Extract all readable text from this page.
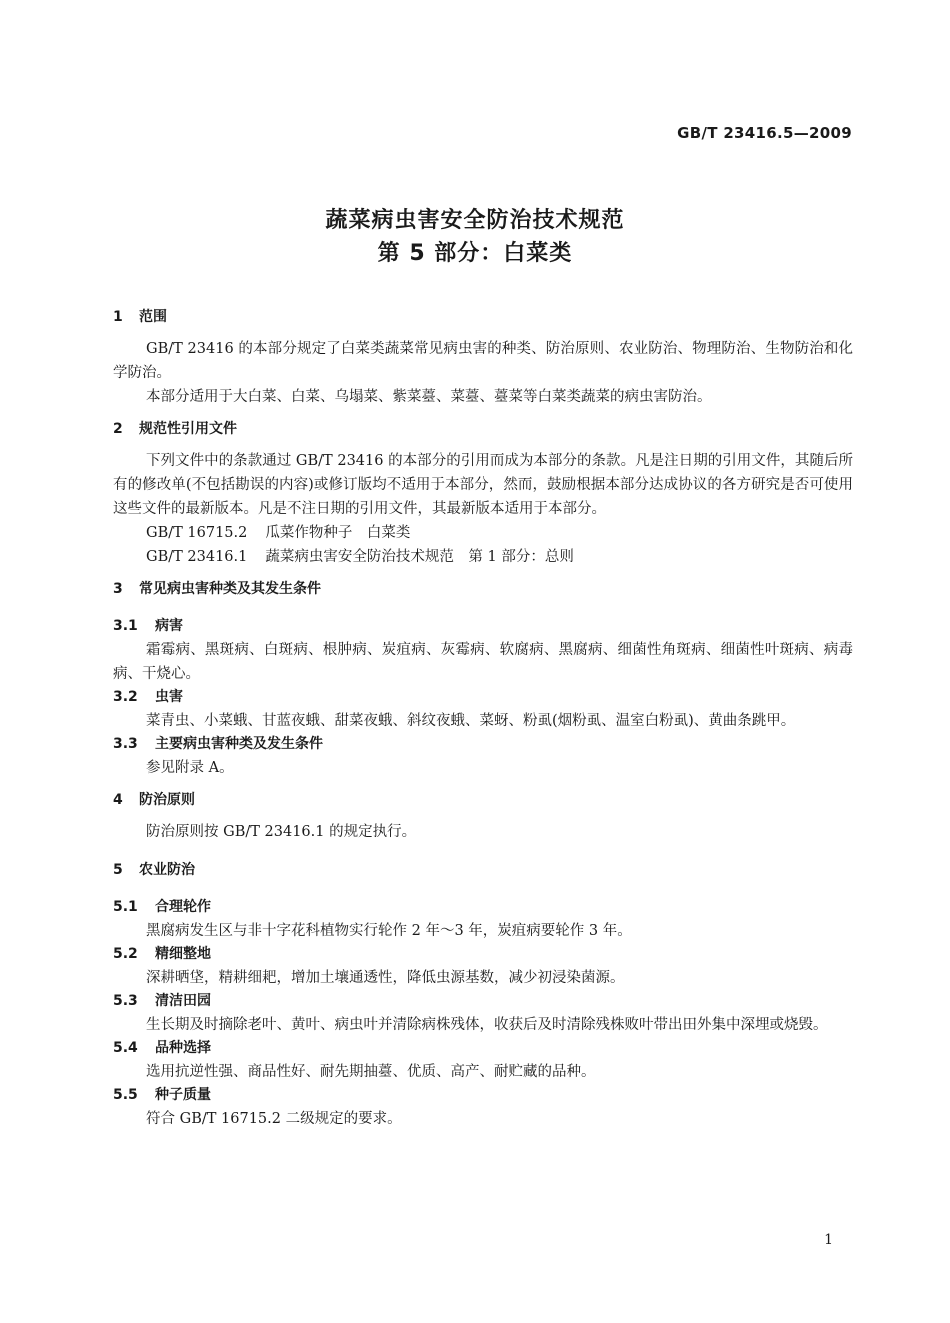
GB/T 23416.5—2009
蔬菜病虫害安全防治技术规范
第 5 部分：白菜类
1 范围

GB/T 23416 的本部分规定了白菜类蔬菜常见病虫害的种类、防治原则、农业防治、物理防治、生物防治和化学防治。

本部分适用于大白菜、白菜、乌塌菜、紫菜薹、菜薹、薹菜等白菜类蔬菜的病虫害防治。

2 规范性引用文件

下列文件中的条款通过 GB/T 23416 的本部分的引用而成为本部分的条款。凡是注日期的引用文件，其随后所有的修改单(不包括勘误的内容)或修订版均不适用于本部分，然而，鼓励根据本部分达成协议的各方研究是否可使用这些文件的最新版本。凡是不注日期的引用文件，其最新版本适用于本部分。

GB/T 16715.2 瓜菜作物种子　白菜类

GB/T 23416.1 蔬菜病虫害安全防治技术规范　第 1 部分：总则

3 常见病虫害种类及其发生条件
3.1 病害

霜霉病、黑斑病、白斑病、根肿病、炭疽病、灰霉病、软腐病、黑腐病、细菌性角斑病、细菌性叶斑病、病毒病、干烧心。

3.2 虫害

菜青虫、小菜蛾、甘蓝夜蛾、甜菜夜蛾、斜纹夜蛾、菜蚜、粉虱(烟粉虱、温室白粉虱)、黄曲条跳甲。

3.3 主要病虫害种类及发生条件

参见附录 A。

4 防治原则

防治原则按 GB/T 23416.1 的规定执行。

5 农业防治
5.1 合理轮作

黑腐病发生区与非十字花科植物实行轮作 2 年～3 年，炭疽病要轮作 3 年。

5.2 精细整地

深耕晒垡，精耕细耙，增加土壤通透性，降低虫源基数，减少初浸染菌源。

5.3 清洁田园

生长期及时摘除老叶、黄叶、病虫叶并清除病株残体，收获后及时清除残株败叶带出田外集中深埋或烧毁。

5.4 品种选择

选用抗逆性强、商品性好、耐先期抽薹、优质、高产、耐贮藏的品种。

5.5 种子质量

符合 GB/T 16715.2 二级规定的要求。

1
